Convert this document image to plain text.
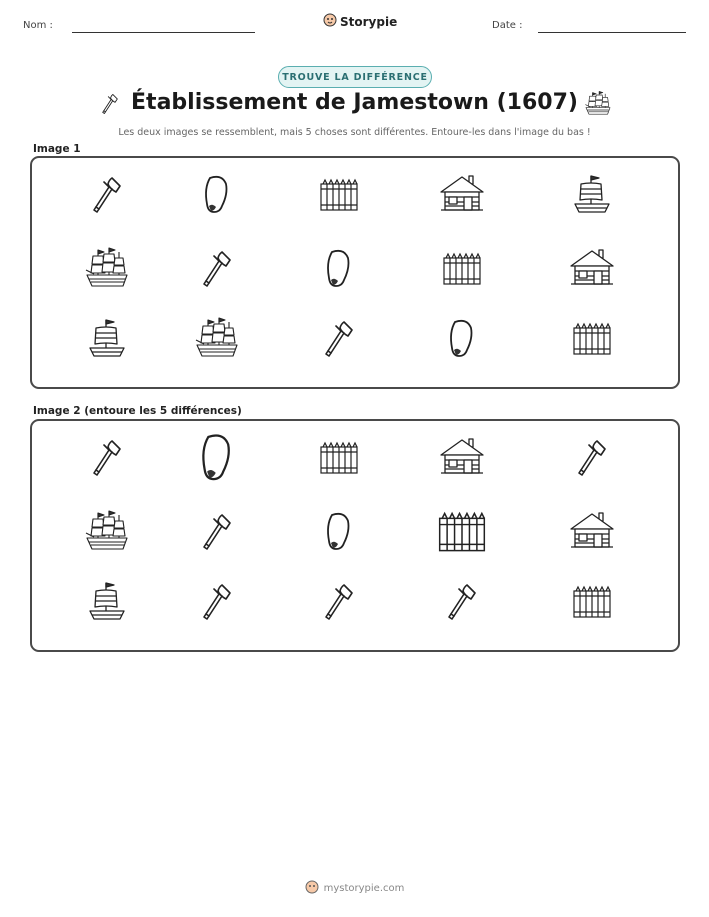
Nom :	Storypie	Date :
TROUVE LA DIFFÉRENCE
Établissement de Jamestown (1607)
Les deux images se ressemblent, mais 5 choses sont différentes. Entoure-les dans l'image du bas !
Image 1
Image 2 (entoure les 5 différences)
mystorypie.com
